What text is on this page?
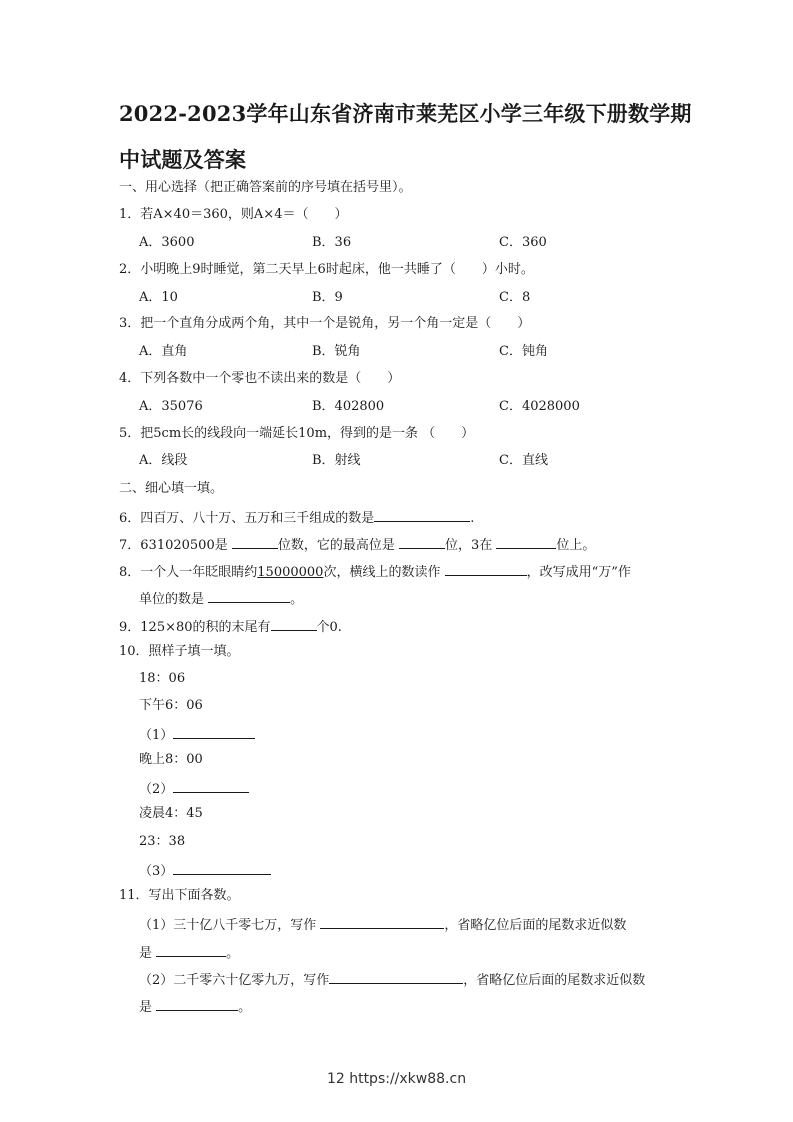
2022-2023学年山东省济南市莱芜区小学三年级下册数学期
中试题及答案
一、用心选择（把正确答案前的序号填在括号里）。
1．若A×40＝360，则A×4＝（　　）
A．3600	B．36	C．360
2．小明晚上9时睡觉，第二天早上6时起床，他一共睡了（　　）小时。
A．10	B．9	C．8
3．把一个直角分成两个角，其中一个是锐角，另一个角一定是（　　）
A．直角	B．锐角	C．钝角
4．下列各数中一个零也不读出来的数是（　　）
A．35076	B．402800	C．4028000
5．把5cm长的线段向一端延长10m，得到的是一条 （　　）
A．线段	B．射线	C．直线
二、细心填一填。
6．四百万、八十万、五万和三千组成的数是	.
7．631020500是	位数，它的最高位是	位，3在	位上。
8．一个人一年眨眼睛约15000000次，横线上的数读作	，改写成用“万”作
单位的数是	。
9．125×80的积的末尾有	个0.
10．照样子填一填。
18：06
下午6：06
（1）
晚上8：00
（2）
凌晨4：45
23：38
（3）
11．写出下面各数。
（1）三十亿八千零七万，写作	，省略亿位后面的尾数求近似数
是	。
（2）二千零六十亿零九万，写作	，省略亿位后面的尾数求近似数
是	。
12 https://xkw88.cn
